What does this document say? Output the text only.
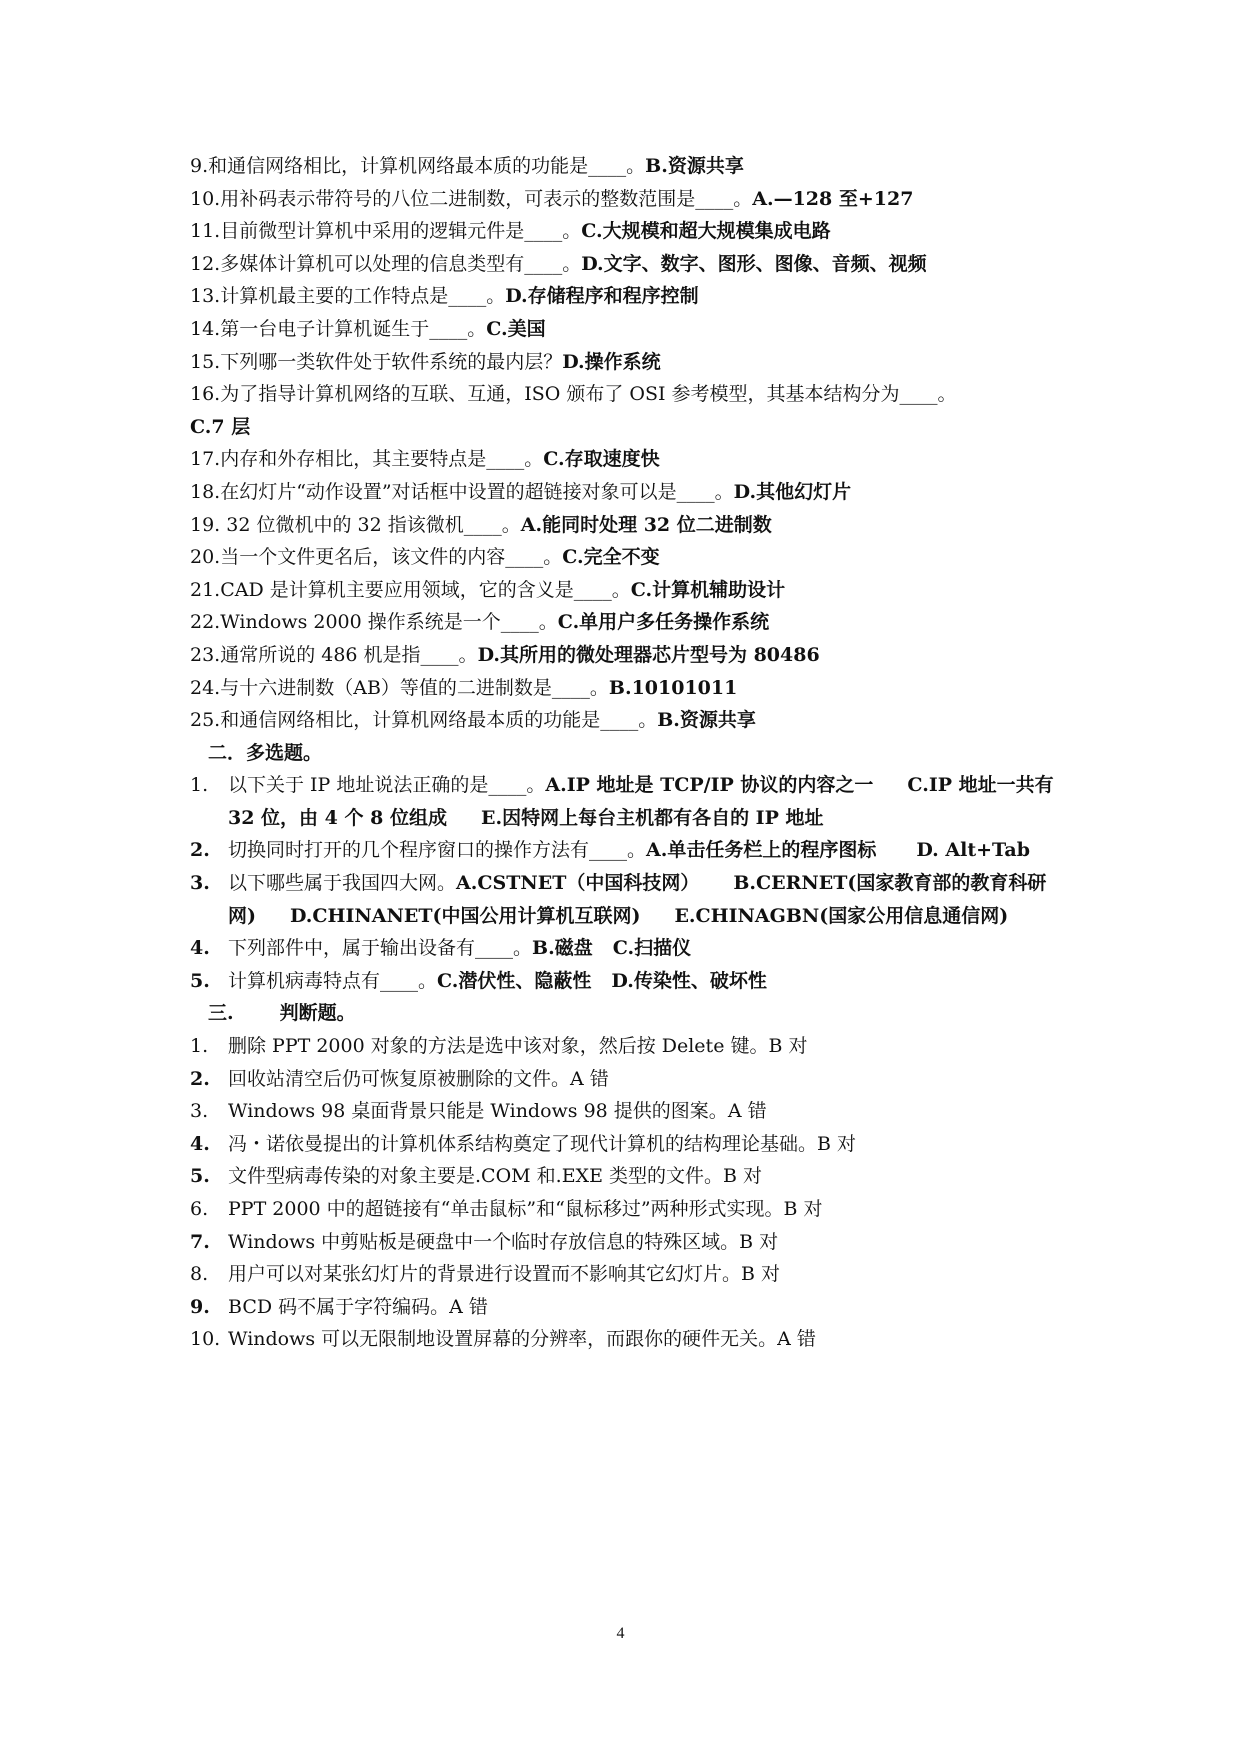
9.和通信网络相比，计算机网络最本质的功能是____。B.资源共享
10.用补码表示带符号的八位二进制数，可表示的整数范围是____。A.—128 至+127
11.目前微型计算机中采用的逻辑元件是____。C.大规模和超大规模集成电路
12.多媒体计算机可以处理的信息类型有____。D.文字、数字、图形、图像、音频、视频
13.计算机最主要的工作特点是____。D.存储程序和程序控制
14.第一台电子计算机诞生于____。C.美国
15.下列哪一类软件处于软件系统的最内层？D.操作系统
16.为了指导计算机网络的互联、互通，ISO 颁布了 OSI 参考模型，其基本结构分为____。
C.7 层
17.内存和外存相比，其主要特点是____。C.存取速度快
18.在幻灯片“动作设置”对话框中设置的超链接对象可以是____。D.其他幻灯片
19. 32 位微机中的 32 指该微机____。A.能同时处理 32 位二进制数
20.当一个文件更名后，该文件的内容____。C.完全不变
21.CAD 是计算机主要应用领域，它的含义是____。C.计算机辅助设计
22.Windows 2000 操作系统是一个____。C.单用户多任务操作系统
23.通常所说的 486 机是指____。D.其所用的微处理器芯片型号为 80486
24.与十六进制数（AB）等值的二进制数是____。B.10101011
25.和通信网络相比，计算机网络最本质的功能是____。B.资源共享
二．多选题。
1. 以下关于 IP 地址说法正确的是____。A.IP 地址是 TCP/IP 协议的内容之一 C.IP 地址一共有 32 位，由 4 个 8 位组成 E.因特网上每台主机都有各自的 IP 地址
2. 切换同时打开的几个程序窗口的操作方法有____。A.单击任务栏上的程序图标 D. Alt+Tab
3. 以下哪些属于我国四大网。A.CSTNET（中国科技网） B.CERNET(国家教育部的教育科研网) D.CHINANET(中国公用计算机互联网) E.CHINAGBN(国家公用信息通信网)
4. 下列部件中，属于输出设备有____。B.磁盘 C.扫描仪
5. 计算机病毒特点有____。C.潜伏性、隐蔽性 D.传染性、破坏性
三. 判断题。
1. 删除 PPT 2000 对象的方法是选中该对象，然后按 Delete 键。B 对
2. 回收站清空后仍可恢复原被删除的文件。A 错
3. Windows 98 桌面背景只能是 Windows 98 提供的图案。A 错
4. 冯・诺依曼提出的计算机体系结构奠定了现代计算机的结构理论基础。B 对
5. 文件型病毒传染的对象主要是.COM 和.EXE 类型的文件。B 对
6. PPT 2000 中的超链接有“单击鼠标”和“鼠标移过”两种形式实现。B 对
7. Windows 中剪贴板是硬盘中一个临时存放信息的特殊区域。B 对
8. 用户可以对某张幻灯片的背景进行设置而不影响其它幻灯片。B 对
9. BCD 码不属于字符编码。A 错
10. Windows 可以无限制地设置屏幕的分辨率，而跟你的硬件无关。A 错
4
